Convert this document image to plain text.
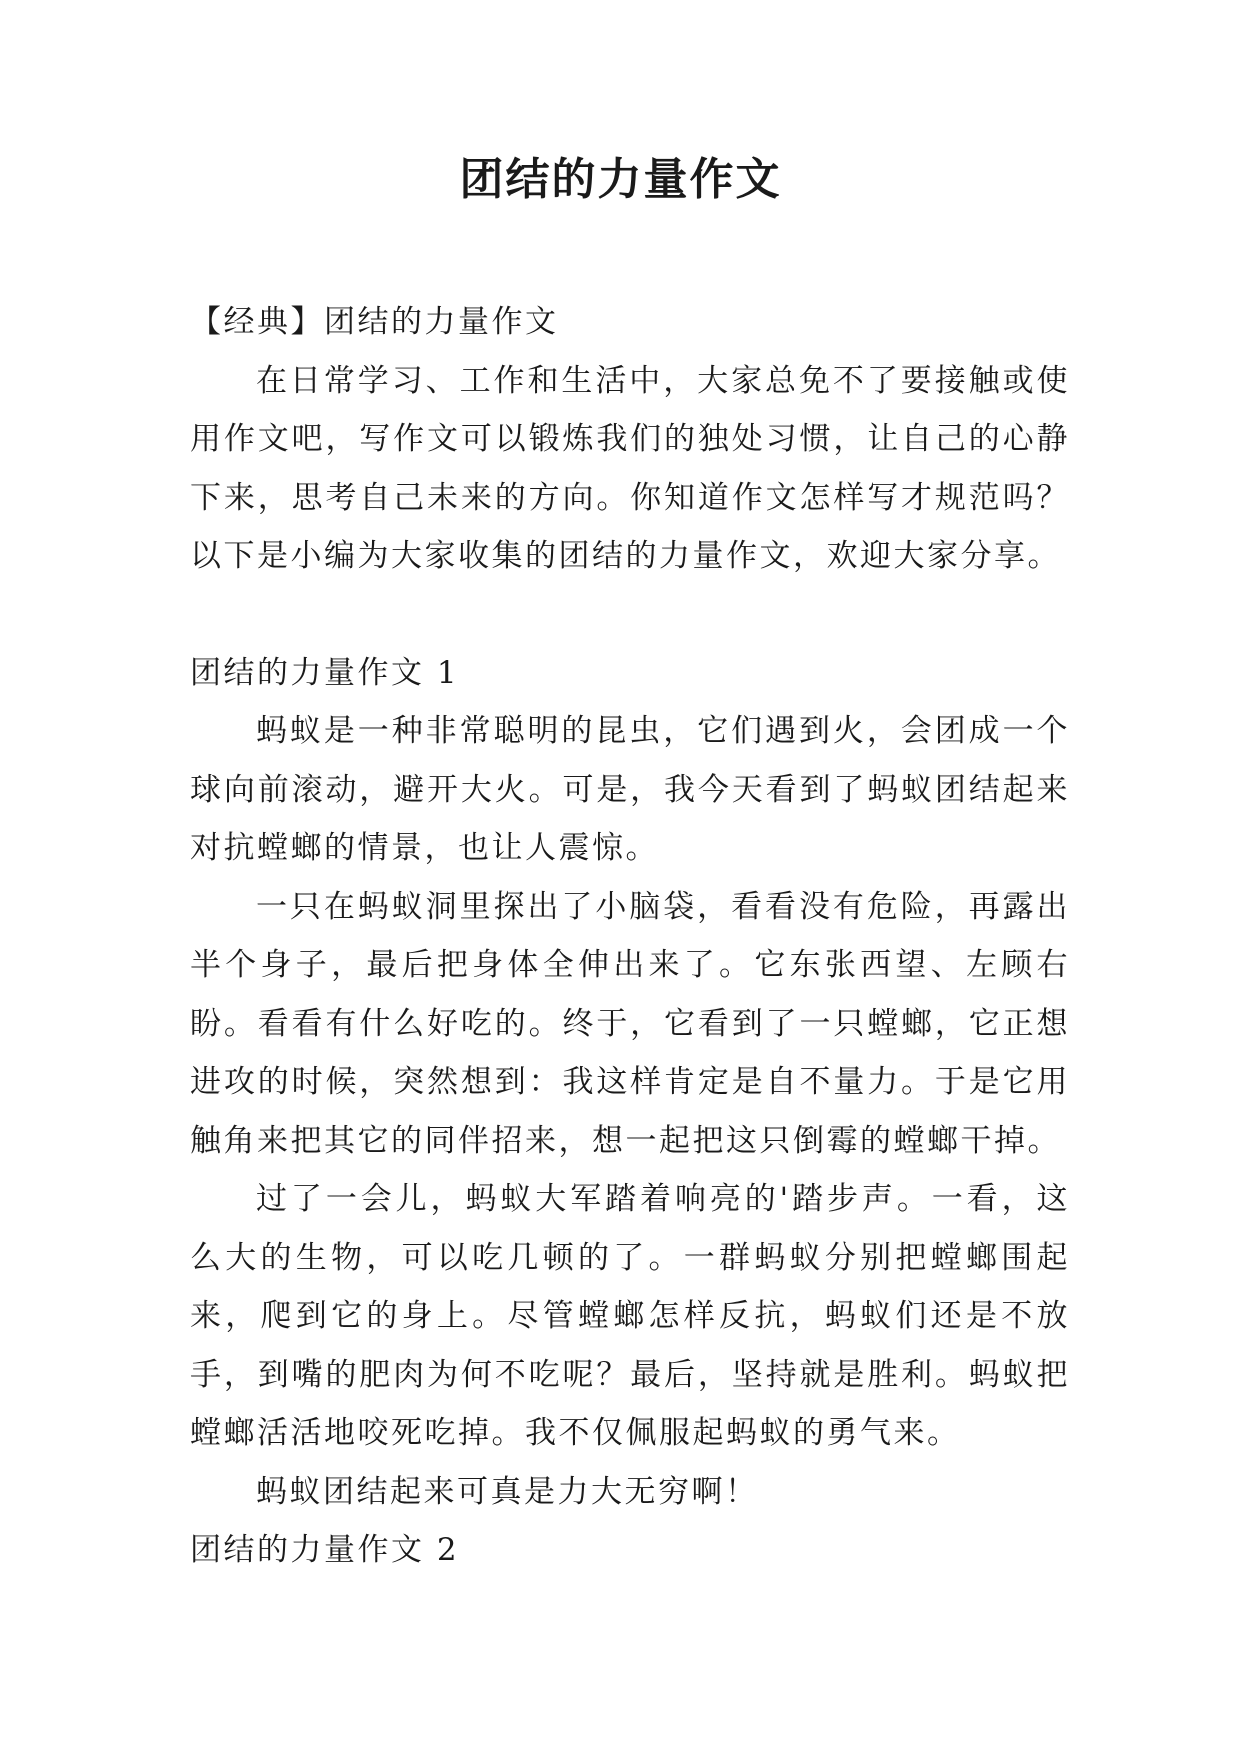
团结的力量作文

【经典】团结的力量作文

在日常学习、工作和生活中，大家总免不了要接触或使用作文吧，写作文可以锻炼我们的独处习惯，让自己的心静下来，思考自己未来的方向。你知道作文怎样写才规范吗？以下是小编为大家收集的团结的力量作文，欢迎大家分享。

团结的力量作文 1

蚂蚁是一种非常聪明的昆虫，它们遇到火，会团成一个球向前滚动，避开大火。可是，我今天看到了蚂蚁团结起来对抗螳螂的情景，也让人震惊。

一只在蚂蚁洞里探出了小脑袋，看看没有危险，再露出半个身子，最后把身体全伸出来了。它东张西望、左顾右盼。看看有什么好吃的。终于，它看到了一只螳螂，它正想进攻的时候，突然想到：我这样肯定是自不量力。于是它用触角来把其它的同伴招来，想一起把这只倒霉的螳螂干掉。

过了一会儿，蚂蚁大军踏着响亮的'踏步声。一看，这么大的生物，可以吃几顿的了。一群蚂蚁分别把螳螂围起来，爬到它的身上。尽管螳螂怎样反抗，蚂蚁们还是不放手，到嘴的肥肉为何不吃呢？最后，坚持就是胜利。蚂蚁把螳螂活活地咬死吃掉。我不仅佩服起蚂蚁的勇气来。

蚂蚁团结起来可真是力大无穷啊！

团结的力量作文 2
